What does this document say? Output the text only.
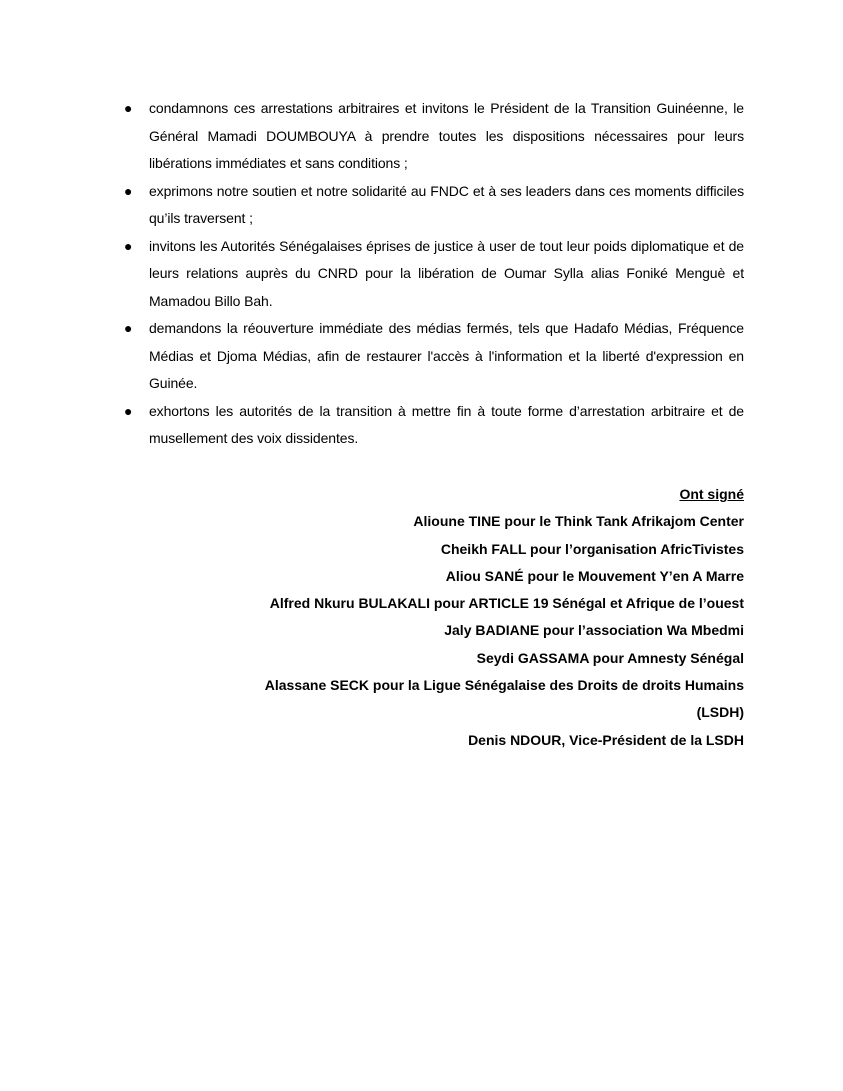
● condamnons ces arrestations arbitraires et invitons le Président de la Transition Guinéenne, le Général Mamadi DOUMBOUYA à prendre toutes les dispositions nécessaires pour leurs libérations immédiates et sans conditions ;
● exprimons notre soutien et notre solidarité au FNDC et à ses leaders dans ces moments difficiles qu’ils traversent ;
● invitons les Autorités Sénégalaises éprises de justice à user de tout leur poids diplomatique et de leurs relations auprès du CNRD pour la libération de Oumar Sylla alias Foniké Menguè et Mamadou Billo Bah.
● demandons la réouverture immédiate des médias fermés, tels que Hadafo Médias, Fréquence Médias et Djoma Médias, afin de restaurer l'accès à l'information et la liberté d'expression en Guinée.
● exhortons les autorités de la transition à mettre fin à toute forme d’arrestation arbitraire et de musellement des voix dissidentes.
Ont signé
Alioune TINE pour le Think Tank Afrikajom Center
Cheikh FALL pour l’organisation AfricTivistes
Aliou SANÉ pour le Mouvement Y’en A Marre
Alfred Nkuru BULAKALI pour ARTICLE 19 Sénégal et Afrique de l’ouest
Jaly BADIANE pour l’association Wa Mbedmi
Seydi GASSAMA pour Amnesty Sénégal
Alassane SECK pour la Ligue Sénégalaise des Droits de droits Humains
(LSDH)
Denis NDOUR, Vice-Président de la LSDH
